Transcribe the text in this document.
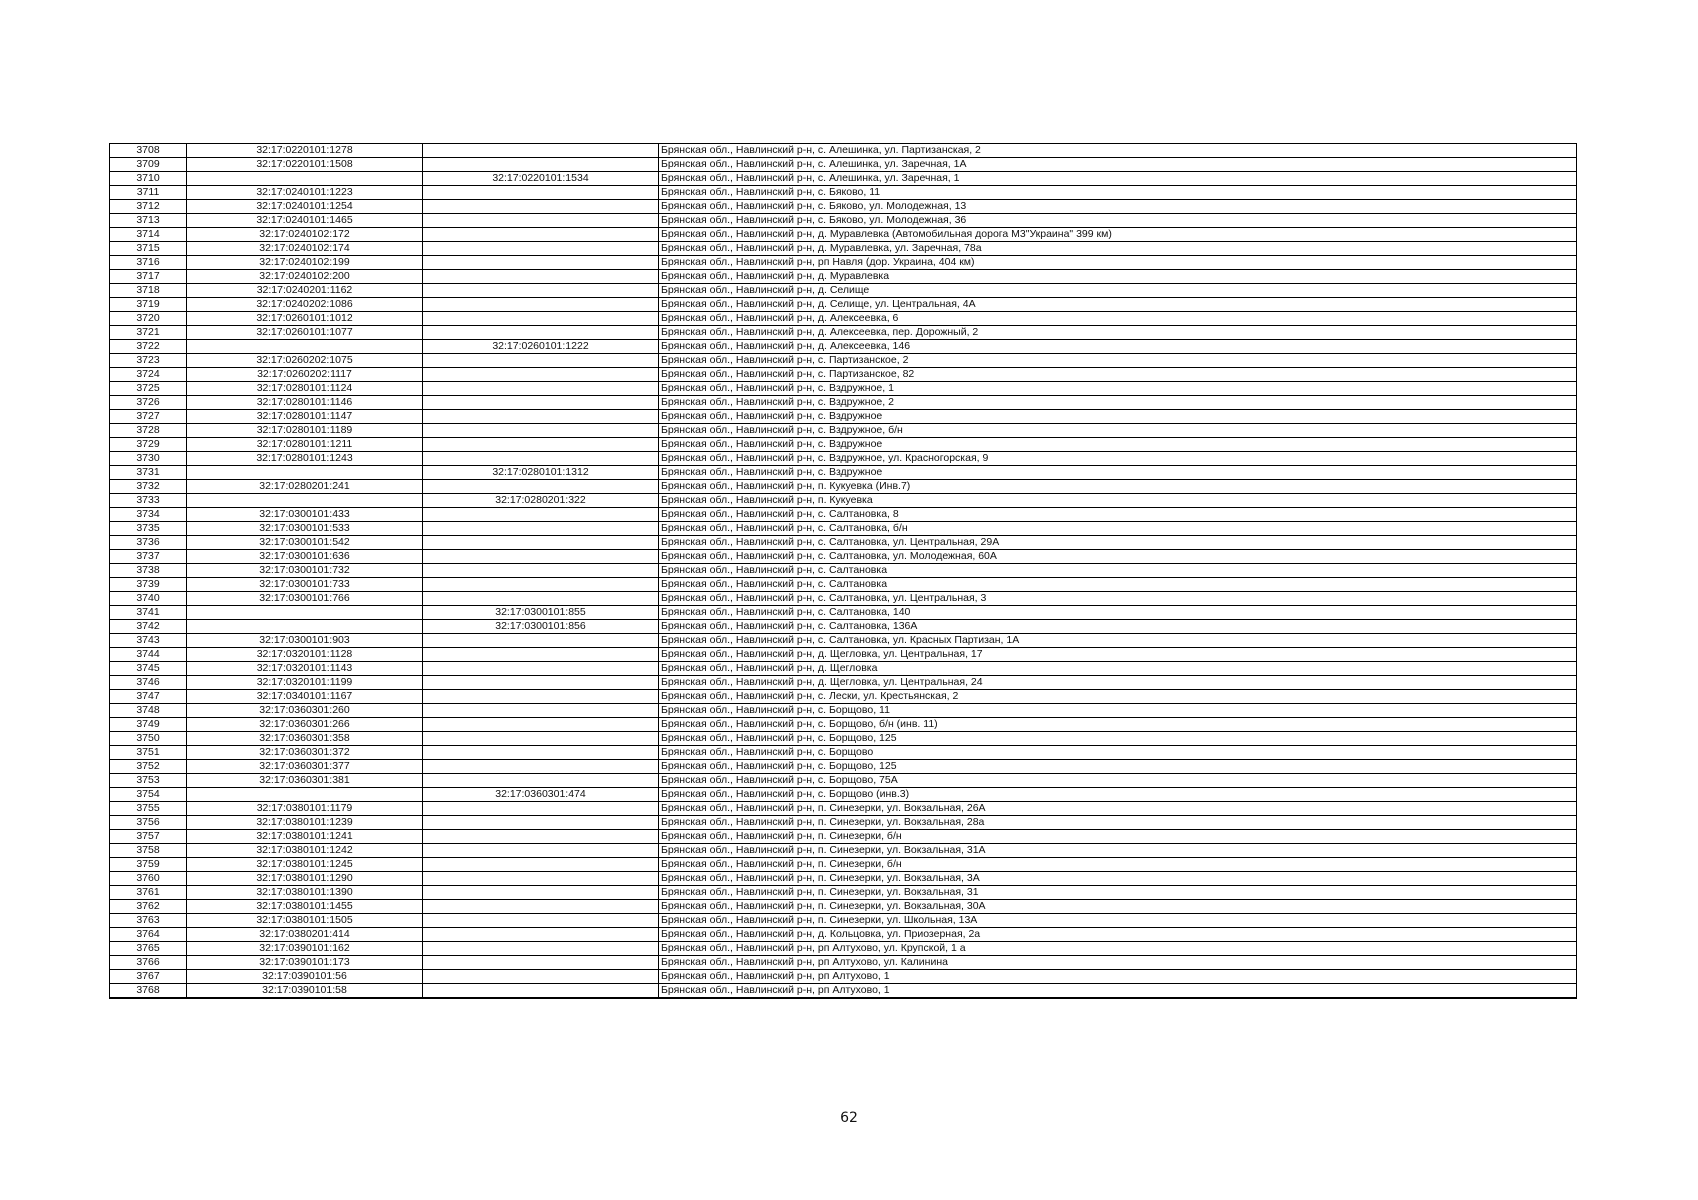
3708	32:17:0220101:1278		Брянская обл., Навлинский р-н, с. Алешинка, ул. Партизанская, 2
3709	32:17:0220101:1508		Брянская обл., Навлинский р-н, с. Алешинка, ул. Заречная, 1А
3710		32:17:0220101:1534	Брянская обл., Навлинский р-н, с. Алешинка, ул. Заречная, 1
3711	32:17:0240101:1223		Брянская обл., Навлинский р-н, с. Бяково, 11
3712	32:17:0240101:1254		Брянская обл., Навлинский р-н, с. Бяково, ул. Молодежная, 13
3713	32:17:0240101:1465		Брянская обл., Навлинский р-н, с. Бяково, ул. Молодежная, 36
3714	32:17:0240102:172		Брянская обл., Навлинский р-н, д. Муравлевка (Автомобильная дорога М3"Украина" 399 км)
3715	32:17:0240102:174		Брянская обл., Навлинский р-н, д. Муравлевка, ул. Заречная, 78а
3716	32:17:0240102:199		Брянская обл., Навлинский р-н, рп Навля (дор. Украина, 404 км)
3717	32:17:0240102:200		Брянская обл., Навлинский р-н, д. Муравлевка
3718	32:17:0240201:1162		Брянская обл., Навлинский р-н, д. Селище
3719	32:17:0240202:1086		Брянская обл., Навлинский р-н, д. Селище, ул. Центральная, 4А
3720	32:17:0260101:1012		Брянская обл., Навлинский р-н, д. Алексеевка, 6
3721	32:17:0260101:1077		Брянская обл., Навлинский р-н, д. Алексеевка, пер. Дорожный, 2
3722		32:17:0260101:1222	Брянская обл., Навлинский р-н, д. Алексеевка, 146
3723	32:17:0260202:1075		Брянская обл., Навлинский р-н, с. Партизанское, 2
3724	32:17:0260202:1117		Брянская обл., Навлинский р-н, с. Партизанское, 82
3725	32:17:0280101:1124		Брянская обл., Навлинский р-н, с. Вздружное, 1
3726	32:17:0280101:1146		Брянская обл., Навлинский р-н, с. Вздружное, 2
3727	32:17:0280101:1147		Брянская обл., Навлинский р-н, с. Вздружное
3728	32:17:0280101:1189		Брянская обл., Навлинский р-н, с. Вздружное, б/н
3729	32:17:0280101:1211		Брянская обл., Навлинский р-н, с. Вздружное
3730	32:17:0280101:1243		Брянская обл., Навлинский р-н, с. Вздружное, ул. Красногорская, 9
3731		32:17:0280101:1312	Брянская обл., Навлинский р-н, с. Вздружное
3732	32:17:0280201:241		Брянская обл., Навлинский р-н, п. Кукуевка (Инв.7)
3733		32:17:0280201:322	Брянская обл., Навлинский р-н, п. Кукуевка
3734	32:17:0300101:433		Брянская обл., Навлинский р-н, с. Салтановка, 8
3735	32:17:0300101:533		Брянская обл., Навлинский р-н, с. Салтановка, б/н
3736	32:17:0300101:542		Брянская обл., Навлинский р-н, с. Салтановка, ул. Центральная, 29А
3737	32:17:0300101:636		Брянская обл., Навлинский р-н, с. Салтановка, ул. Молодежная, 60А
3738	32:17:0300101:732		Брянская обл., Навлинский р-н, с. Салтановка
3739	32:17:0300101:733		Брянская обл., Навлинский р-н, с. Салтановка
3740	32:17:0300101:766		Брянская обл., Навлинский р-н, с. Салтановка, ул. Центральная, 3
3741		32:17:0300101:855	Брянская обл., Навлинский р-н, с. Салтановка, 140
3742		32:17:0300101:856	Брянская обл., Навлинский р-н, с. Салтановка, 136А
3743	32:17:0300101:903		Брянская обл., Навлинский р-н, с. Салтановка, ул. Красных Партизан, 1А
3744	32:17:0320101:1128		Брянская обл., Навлинский р-н, д. Щегловка, ул. Центральная, 17
3745	32:17:0320101:1143		Брянская обл., Навлинский р-н, д. Щегловка
3746	32:17:0320101:1199		Брянская обл., Навлинский р-н, д. Щегловка, ул. Центральная, 24
3747	32:17:0340101:1167		Брянская обл., Навлинский р-н, с. Лески, ул. Крестьянская, 2
3748	32:17:0360301:260		Брянская обл., Навлинский р-н, с. Борщово, 11
3749	32:17:0360301:266		Брянская обл., Навлинский р-н, с. Борщово, б/н (инв. 11)
3750	32:17:0360301:358		Брянская обл., Навлинский р-н, с. Борщово, 125
3751	32:17:0360301:372		Брянская обл., Навлинский р-н, с. Борщово
3752	32:17:0360301:377		Брянская обл., Навлинский р-н, с. Борщово, 125
3753	32:17:0360301:381		Брянская обл., Навлинский р-н, с. Борщово, 75А
3754		32:17:0360301:474	Брянская обл., Навлинский р-н, с. Борщово (инв.3)
3755	32:17:0380101:1179		Брянская обл., Навлинский р-н, п. Синезерки, ул. Вокзальная, 26А
3756	32:17:0380101:1239		Брянская обл., Навлинский р-н, п. Синезерки, ул. Вокзальная, 28а
3757	32:17:0380101:1241		Брянская обл., Навлинский р-н, п. Синезерки, б/н
3758	32:17:0380101:1242		Брянская обл., Навлинский р-н, п. Синезерки, ул. Вокзальная, 31А
3759	32:17:0380101:1245		Брянская обл., Навлинский р-н, п. Синезерки, б/н
3760	32:17:0380101:1290		Брянская обл., Навлинский р-н, п. Синезерки, ул. Вокзальная, 3А
3761	32:17:0380101:1390		Брянская обл., Навлинский р-н, п. Синезерки, ул. Вокзальная, 31
3762	32:17:0380101:1455		Брянская обл., Навлинский р-н, п. Синезерки, ул. Вокзальная, 30А
3763	32:17:0380101:1505		Брянская обл., Навлинский р-н, п. Синезерки, ул. Школьная, 13А
3764	32:17:0380201:414		Брянская обл., Навлинский р-н, д. Кольцовка, ул. Приозерная, 2а
3765	32:17:0390101:162		Брянская обл., Навлинский р-н, рп Алтухово, ул. Крупской, 1 а
3766	32:17:0390101:173		Брянская обл., Навлинский р-н, рп Алтухово, ул. Калинина
3767	32:17:0390101:56		Брянская обл., Навлинский р-н, рп Алтухово, 1
3768	32:17:0390101:58		Брянская обл., Навлинский р-н, рп Алтухово, 1
62
